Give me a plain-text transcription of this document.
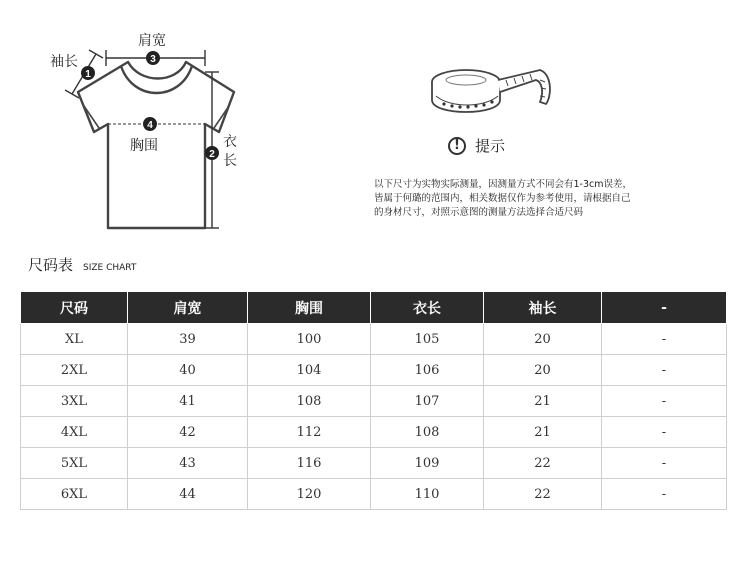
3
1
4
2
肩宽
袖长
胸围	衣
长
!	提示
以下尺寸为实物实际测量，因测量方式不同会有1-3cm误差，
皆属于何璐的范围内，相关数据仅作为参考使用，请根据自己
的身材尺寸，对照示意图的测量方法选择合适尺码
尺码表 SIZE CHART
尺码	肩宽	胸围	衣长	袖长	-
XL	39	100	105	20	-
2XL	40	104	106	20	-
3XL	41	108	107	21	-
4XL	42	112	108	21	-
5XL	43	116	109	22	-
6XL	44	120	110	22	-
